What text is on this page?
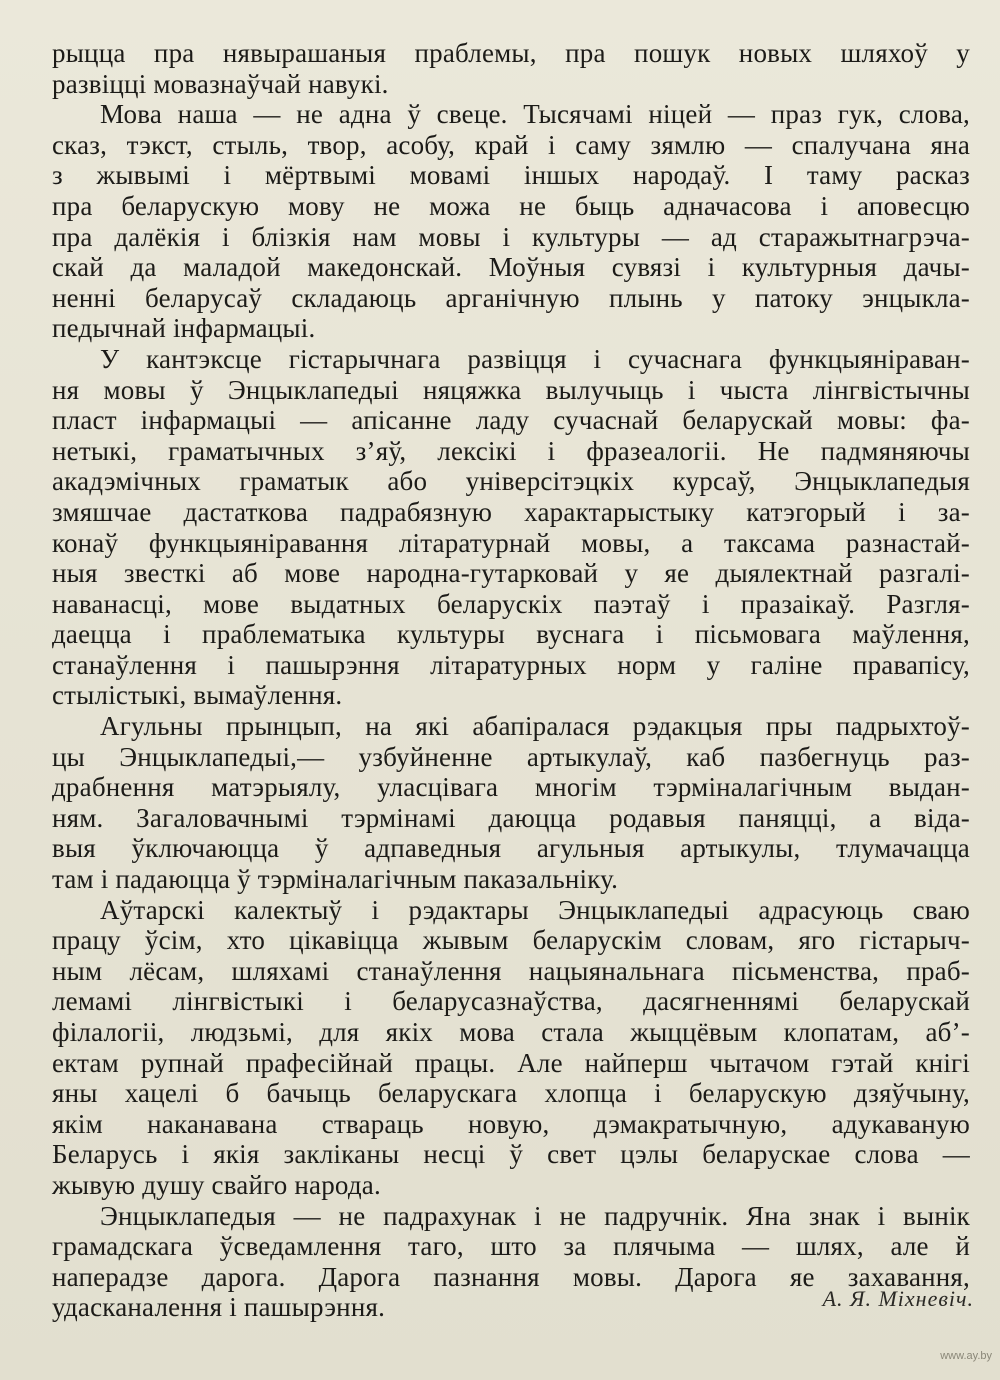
рыцца пра нявырашаныя праблемы, пра пошук новых шляхоў у
развіцці мовазнаўчай навукі.
Мова наша — не адна ў свеце. Тысячамі ніцей — праз гук, слова,
сказ, тэкст, стыль, твор, асобу, край і саму зямлю — спалучана яна
з жывымі і мёртвымі мовамі іншых народаў. І таму расказ
пра беларускую мову не можа не быць адначасова і аповесцю
пра далёкія і блізкія нам мовы і культуры — ад старажытнагрэча-
скай да маладой македонскай. Моўныя сувязі і культурныя дачы-
ненні беларусаў складаюць арганічную плынь у патоку энцыклa-
педычнай інфармацыі.
У кантэксце гістарычнага развіцця і сучаснага функцыяніраван-
ня мовы ў Энцыклапедыі няцяжка вылучыць і чыста лінгвістычны
пласт інфармацыі — апісанне ладу сучаснай беларускай мовы: фа-
нетыкі, граматычных з’яў, лексікі і фразеалогіі. Не падмяняючы
акадэмічных граматык або універсітэцкіх курсаў, Энцыклапедыя
змяшчае дастаткова падрабязную характарыстыку катэгорый і за-
конаў функцыяніравання літаратурнай мовы, а таксама разнастай-
ныя звесткі аб мове народна-гутарковай у яе дыялектнай разгалі-
наванасці, мове выдатных беларускіх паэтаў і празаікаў. Разгля-
даецца і праблематыка культуры вуснага і пісьмовага маўлення,
станаўлення і пашырэння літаратурных норм у галіне правапісу,
стылістыкі, вымаўлення.
Агульны прынцып, на які абапіралася рэдакцыя пры падрыхтоў-
цы Энцыклапедыі,— узбуйненне артыкулаў, каб пазбегнуць раз-
драбнення матэрыялу, уласцівага многім тэрміналагічным выдан-
ням. Загаловачнымі тэрмінамі даюцца родавыя паняцці, а віда-
выя ўключаюцца ў адпаведныя агульныя артыкулы, тлумачацца
там і падаюцца ў тэрміналагічным паказальніку.
Аўтарскі калектыў і рэдактары Энцыклапедыі адрасуюць сваю
працу ўсім, хто цікавіцца жывым беларускім словам, яго гістарыч-
ным лёсам, шляхамі станаўлення нацыянальнага пісьменства, праб-
лемамі лінгвістыкі і беларусазнаўства, дасягненнямі беларускай
філалогіі, людзьмі, для якіх мова стала жыццёвым клопатам, аб’-
ектам рупнай прафесійнай працы. Але найперш чытачом гэтай кнігі
яны хацелі б бачыць беларускага хлопца і беларускую дзяўчыну,
якім наканавана ствараць новую, дэмакратычную, адукаваную
Беларусь і якія закліканы несці ў свет цэлы беларускае слова —
жывую душу свайго народа.
Энцыклапедыя — не падрахунак і не падручнік. Яна знак і вынік
грамадскага ўсведамлення таго, што за плячыма — шлях, але й
наперадзе дарога. Дарога пазнання мовы. Дарога яе захавання,
удасканалення і пашырэння.	А. Я. Міхневіч.
www.ay.by
